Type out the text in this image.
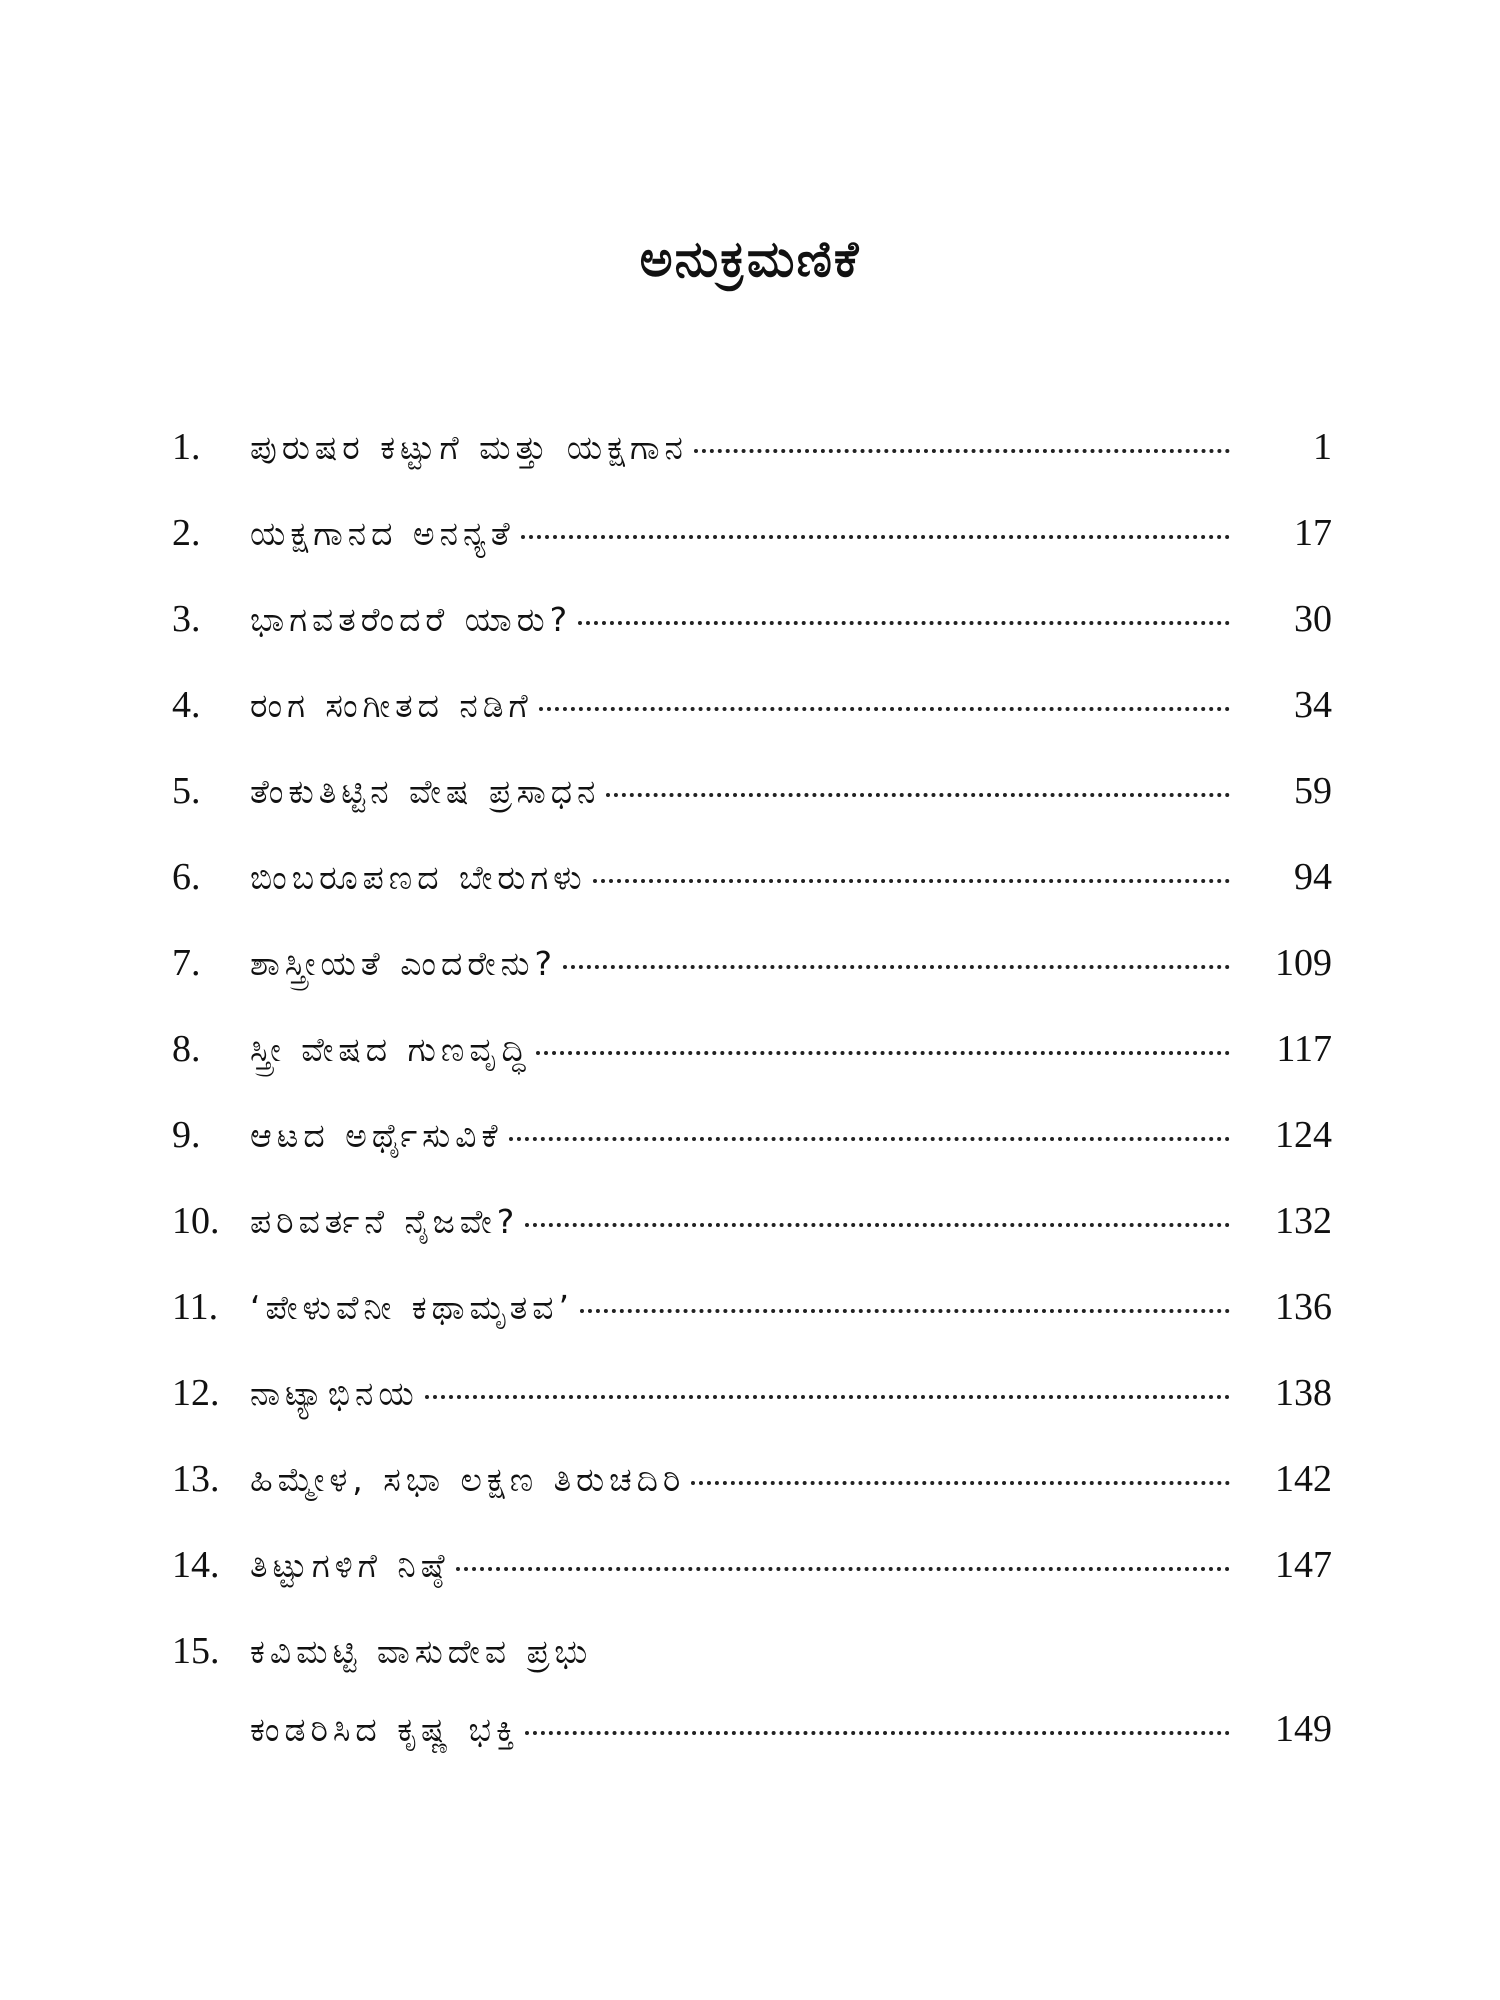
ಅನುಕ್ರಮಣಿಕೆ
1.	ಪುರುಷರ ಕಟ್ಟುಗೆ ಮತ್ತು ಯಕ್ಷಗಾನ	1
2.	ಯಕ್ಷಗಾನದ ಅನನ್ಯತೆ	17
3.	ಭಾಗವತರೆಂದರೆ ಯಾರು?	30
4.	ರಂಗ ಸಂಗೀತದ ನಡಿಗೆ	34
5.	ತೆಂಕುತಿಟ್ಟಿನ ವೇಷ ಪ್ರಸಾಧನ	59
6.	ಬಿಂಬರೂಪಣದ ಬೇರುಗಳು	94
7.	ಶಾಸ್ತ್ರೀಯತೆ ಎಂದರೇನು?	109
8.	ಸ್ತ್ರೀ ವೇಷದ ಗುಣವೃದ್ಧಿ	117
9.	ಆಟದ ಅರ್ಥೈಸುವಿಕೆ	124
10. ಪರಿವರ್ತನೆ ನೈಜವೇ?	132
11. ‘ಪೇಳುವೆನೀ ಕಥಾಮೃತವ’	136
12. ನಾಟ್ಯಾಭಿನಯ	138
13. ಹಿಮ್ಮೇಳ, ಸಭಾ ಲಕ್ಷಣ ತಿರುಚದಿರಿ	142
14. ತಿಟ್ಟುಗಳಿಗೆ ನಿಷ್ಠೆ	147
15. ಕವಿಮಟ್ಟಿ ವಾಸುದೇವ ಪ್ರಭು
ಕಂಡರಿಸಿದ ಕೃಷ್ಣ ಭಕ್ತಿ	149
